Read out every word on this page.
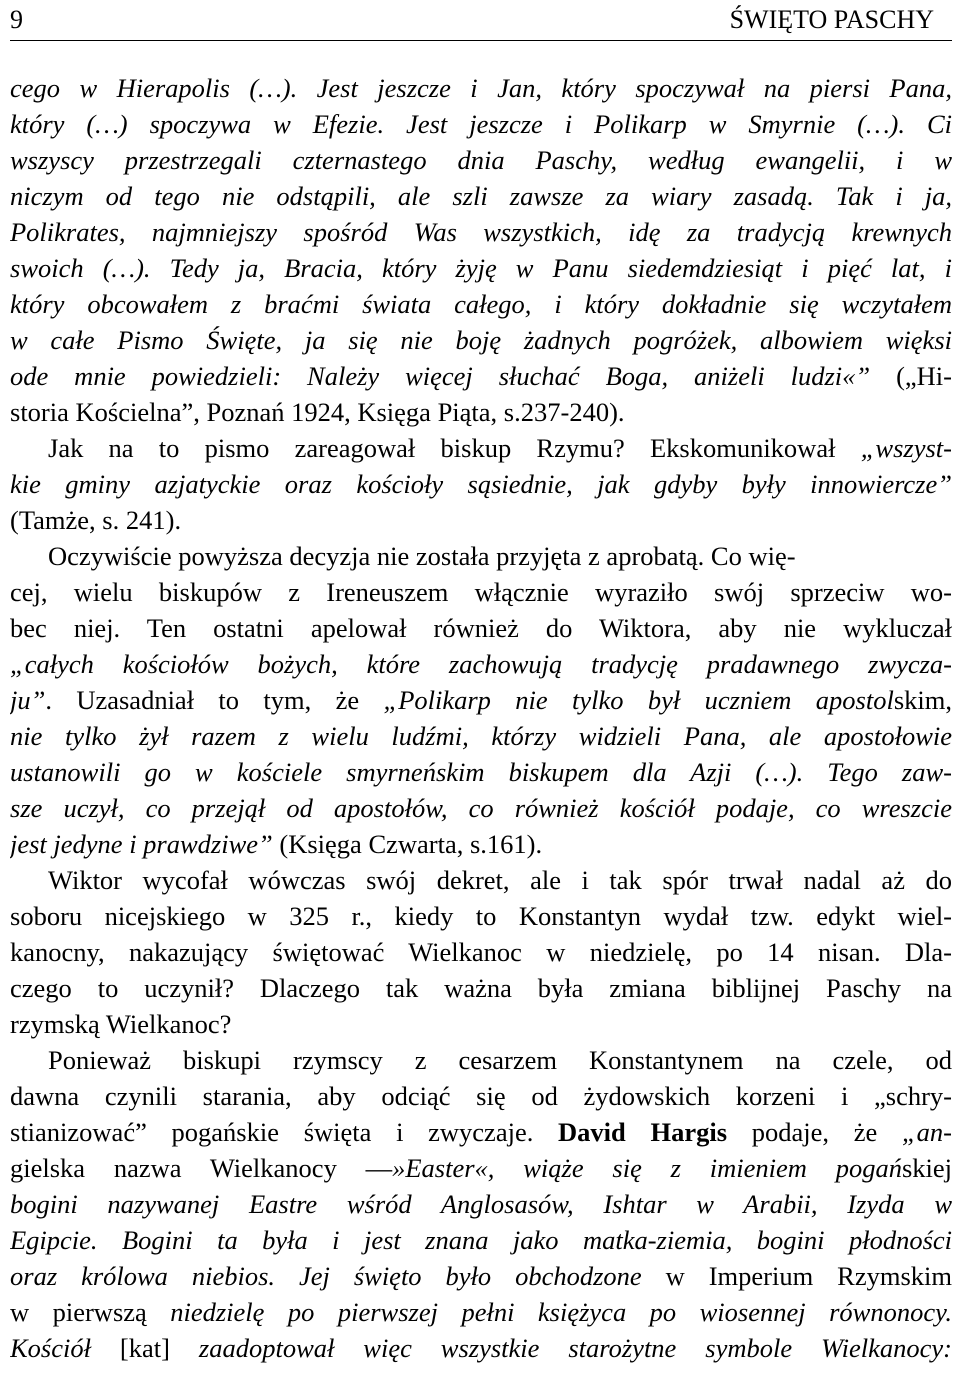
9	ŚWIĘTO PASCHY
cego w Hierapolis (…). Jest jeszcze i Jan, który spoczywał na piersi Pana,
który (…) spoczywa w Efezie. Jest jeszcze i Polikarp w Smyrnie (…). Ci
wszyscy przestrzegali czternastego dnia Paschy, według ewangelii, i w
niczym od tego nie odstąpili, ale szli zawsze za wiary zasadą. Tak i ja,
Polikrates, najmniejszy spośród Was wszystkich, idę za tradycją krewnych
swoich (…). Tedy ja, Bracia, który żyję w Panu siedemdziesiąt i pięć lat, i
który obcowałem z braćmi świata całego, i który dokładnie się wczytałem
w całe Pismo Święte, ja się nie boję żadnych pogróżek, albowiem więksi
ode mnie powiedzieli: Należy więcej słuchać Boga, aniżeli ludzi«” („Hi-
storia Kościelna”, Poznań 1924, Księga Piąta, s.237-240).
Jak na to pismo zareagował biskup Rzymu? Ekskomunikował „wszyst-
kie gminy azjatyckie oraz kościoły sąsiednie, jak gdyby były innowiercze”
(Tamże, s. 241).
Oczywiście powyższa decyzja nie została przyjęta z aprobatą. Co wię-
cej, wielu biskupów z Ireneuszem włącznie wyraziło swój sprzeciw wo-
bec niej. Ten ostatni apelował również do Wiktora, aby nie wykluczał
„całych kościołów bożych, które zachowują tradycję pradawnego zwycza-
ju”. Uzasadniał to tym, że „Polikarp nie tylko był uczniem apostolskim,
nie tylko żył razem z wielu ludźmi, którzy widzieli Pana, ale apostołowie
ustanowili go w kościele smyrneńskim biskupem dla Azji (…). Tego zaw-
sze uczył, co przejął od apostołów, co również kościół podaje, co wreszcie
jest jedyne i prawdziwe” (Księga Czwarta, s.161).
Wiktor wycofał wówczas swój dekret, ale i tak spór trwał nadal aż do
soboru nicejskiego w 325 r., kiedy to Konstantyn wydał tzw. edykt wiel-
kanocny, nakazujący świętować Wielkanoc w niedzielę, po 14 nisan. Dla-
czego to uczynił? Dlaczego tak ważna była zmiana biblijnej Paschy na
rzymską Wielkanoc?
Ponieważ biskupi rzymscy z cesarzem Konstantynem na czele, od
dawna czynili starania, aby odciąć się od żydowskich korzeni i „schry-
stianizować” pogańskie święta i zwyczaje. David Hargis podaje, że „an-
gielska nazwa Wielkanocy —»Easter«, wiąże się z imieniem pogańskiej
bogini nazywanej Eastre wśród Anglosasów, Ishtar w Arabii, Izyda w
Egipcie. Bogini ta była i jest znana jako matka-ziemia, bogini płodności
oraz królowa niebios. Jej święto było obchodzone w Imperium Rzymskim
w pierwszą niedzielę po pierwszej pełni księżyca po wiosennej równonocy.
Kościół [kat] zaadoptował więc wszystkie starożytne symbole Wielkanocy:
